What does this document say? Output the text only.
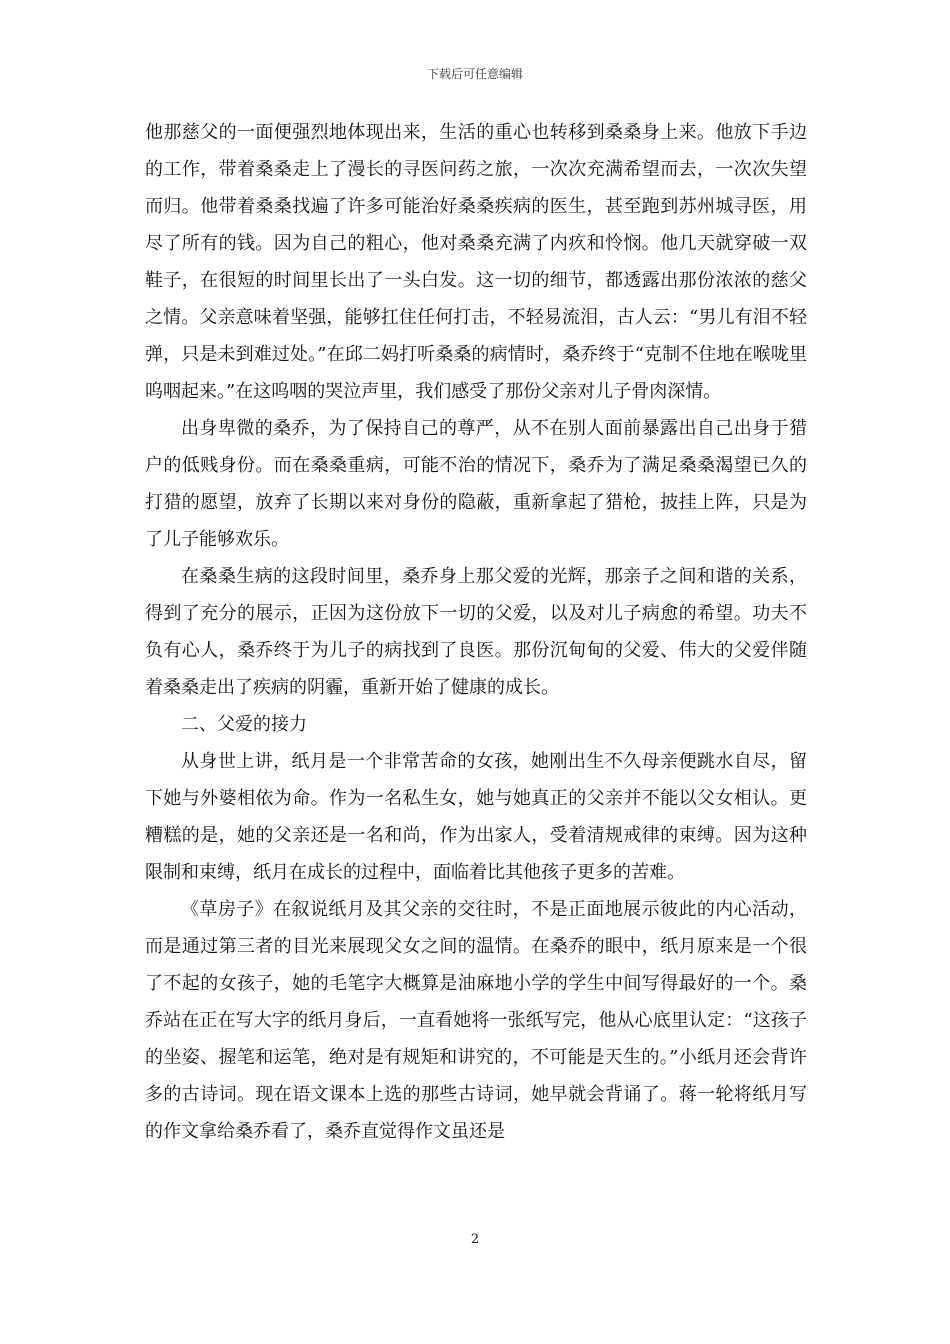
下载后可任意编辑

他那慈父的一面便强烈地体现出来，生活的重心也转移到桑桑身上来。他放下手边的工作，带着桑桑走上了漫长的寻医问药之旅，一次次充满希望而去，一次次失望而归。他带着桑桑找遍了许多可能治好桑桑疾病的医生，甚至跑到苏州城寻医，用尽了所有的钱。因为自己的粗心，他对桑桑充满了内疚和怜悯。他几天就穿破一双鞋子，在很短的时间里长出了一头白发。这一切的细节，都透露出那份浓浓的慈父之情。父亲意味着坚强，能够扛住任何打击，不轻易流泪，古人云：“男儿有泪不轻弹，只是未到难过处。”在邱二妈打听桑桑的病情时，桑乔终于“克制不住地在喉咙里呜咽起来。”在这呜咽的哭泣声里，我们感受了那份父亲对儿子骨肉深情。

出身卑微的桑乔，为了保持自己的尊严，从不在别人面前暴露出自己出身于猎户的低贱身份。而在桑桑重病，可能不治的情况下，桑乔为了满足桑桑渴望已久的打猎的愿望，放弃了长期以来对身份的隐蔽，重新拿起了猎枪，披挂上阵，只是为了儿子能够欢乐。

在桑桑生病的这段时间里，桑乔身上那父爱的光辉，那亲子之间和谐的关系，得到了充分的展示，正因为这份放下一切的父爱，以及对儿子病愈的希望。功夫不负有心人，桑乔终于为儿子的病找到了良医。那份沉甸甸的父爱、伟大的父爱伴随着桑桑走出了疾病的阴霾，重新开始了健康的成长。

二、父爱的接力

从身世上讲，纸月是一个非常苦命的女孩，她刚出生不久母亲便跳水自尽，留下她与外婆相依为命。作为一名私生女，她与她真正的父亲并不能以父女相认。更糟糕的是，她的父亲还是一名和尚，作为出家人，受着清规戒律的束缚。因为这种限制和束缚，纸月在成长的过程中，面临着比其他孩子更多的苦难。

《草房子》在叙说纸月及其父亲的交往时，不是正面地展示彼此的内心活动，而是通过第三者的目光来展现父女之间的温情。在桑乔的眼中，纸月原来是一个很了不起的女孩子，她的毛笔字大概算是油麻地小学的学生中间写得最好的一个。桑乔站在正在写大字的纸月身后，一直看她将一张纸写完，他从心底里认定：“这孩子的坐姿、握笔和运笔，绝对是有规矩和讲究的，不可能是天生的。”小纸月还会背许多的古诗词。现在语文课本上选的那些古诗词，她早就会背诵了。蒋一轮将纸月写的作文拿给桑乔看了，桑乔直觉得作文虽还是

2
